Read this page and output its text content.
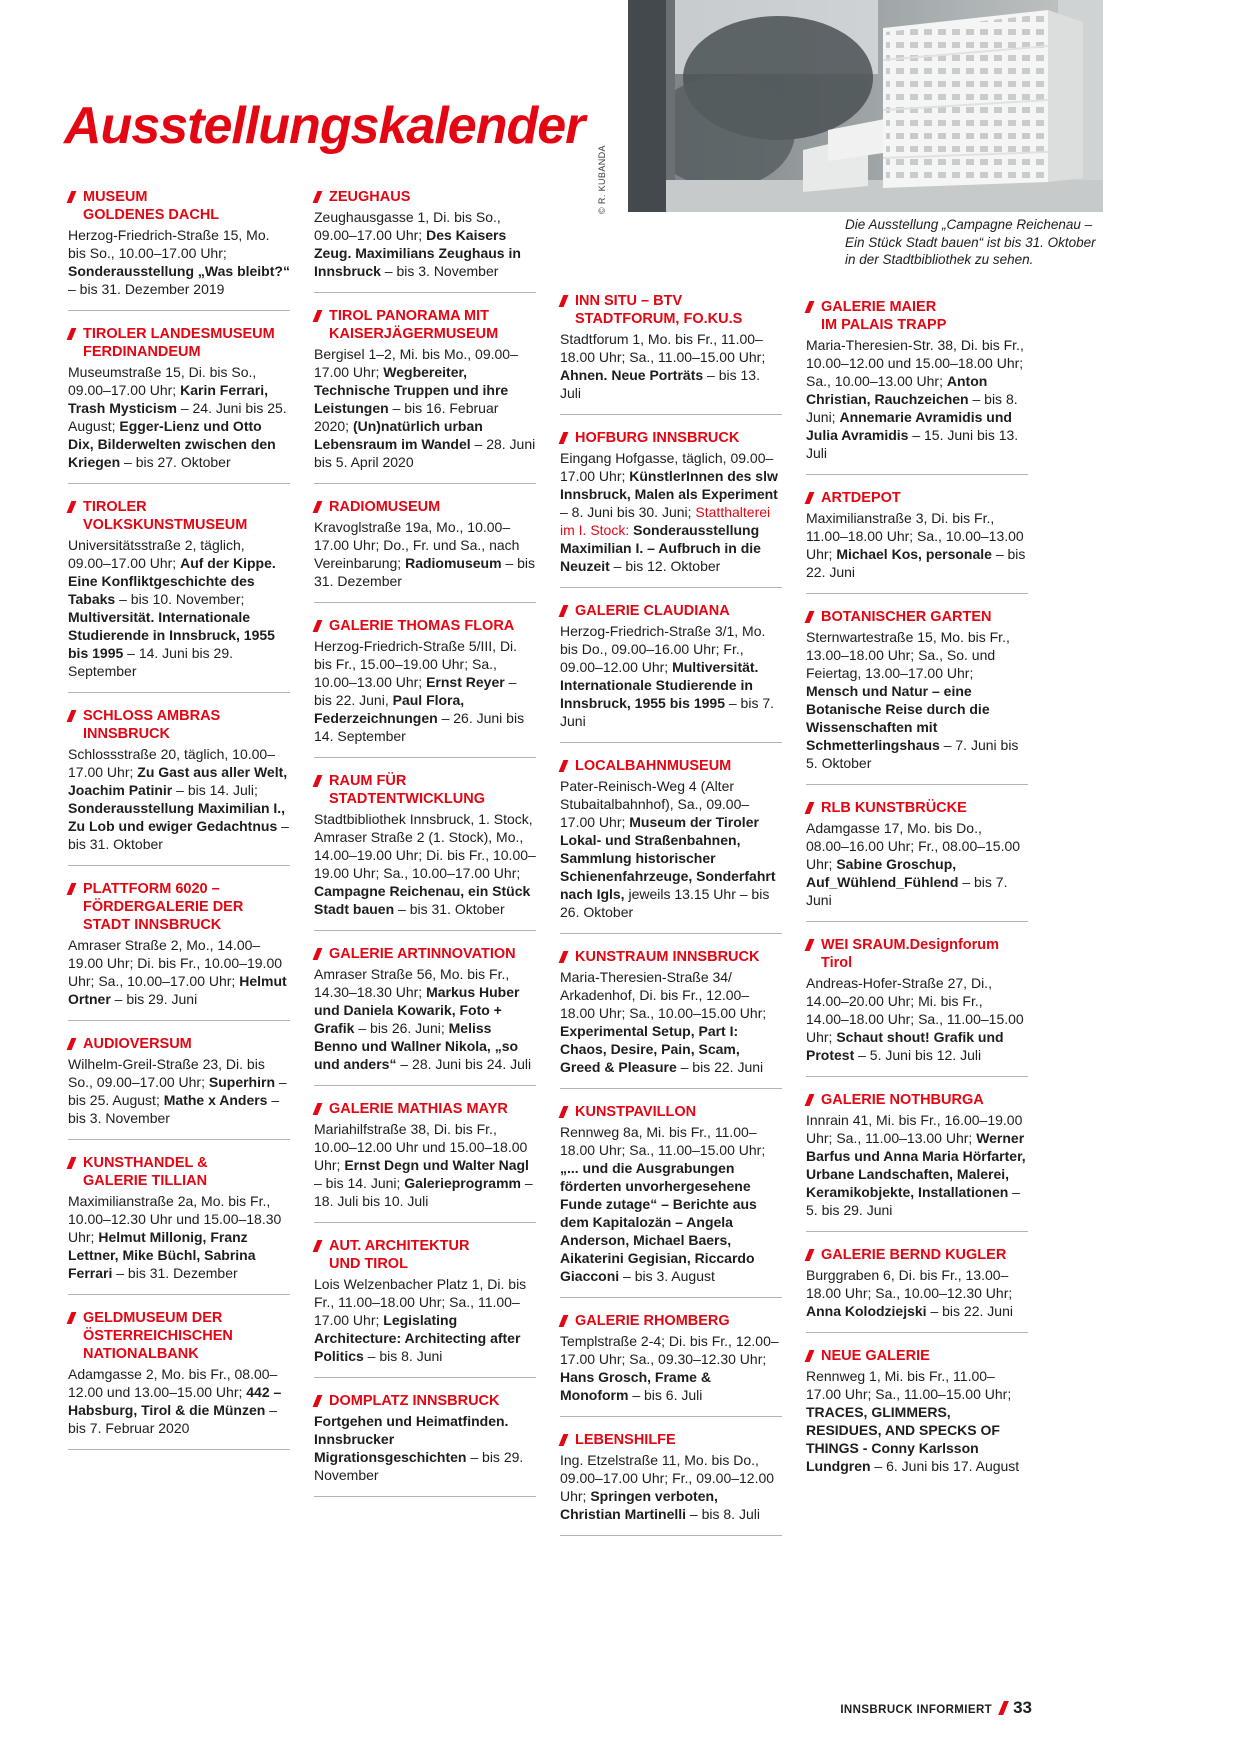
Ausstellungskalender
© R. KUBANDA
Die Ausstellung „Campagne Reichenau – Ein Stück Stadt bauen“ ist bis 31. Oktober in der Stadtbibliothek zu sehen.
MUSEUM
GOLDENES DACHL

Herzog-Friedrich-Straße 15, Mo. bis So., 10.00–17.00 Uhr; Sonderausstellung „Was bleibt?“ – bis 31. Dezember 2019

TIROLER LANDESMUSEUM
FERDINANDEUM

Museumstraße 15, Di. bis So., 09.00–17.00 Uhr; Karin Ferrari, Trash Mysticism – 24. Juni bis 25. August; Egger-Lienz und Otto Dix, Bilderwelten zwischen den Kriegen – bis 27. Oktober

TIROLER
VOLKSKUNSTMUSEUM

Universitätsstraße 2, täglich, 09.00–17.00 Uhr; Auf der Kippe. Eine Konfliktgeschichte des Tabaks – bis 10. November; Multiversität. Internationale Studierende in Innsbruck, 1955 bis 1995 – 14. Juni bis 29. September

SCHLOSS AMBRAS
INNSBRUCK

Schlossstraße 20, täglich, 10.00–17.00 Uhr; Zu Gast aus aller Welt, Joachim Patinir – bis 14. Juli; Sonderausstellung Maximilian I., Zu Lob und ewiger Gedachtnus – bis 31. Oktober

PLATTFORM 6020 –
FÖRDERGALERIE DER
STADT INNSBRUCK

Amraser Straße 2, Mo., 14.00–19.00 Uhr; Di. bis Fr., 10.00–19.00 Uhr; Sa., 10.00–17.00 Uhr; Helmut Ortner – bis 29. Juni

AUDIOVERSUM

Wilhelm-Greil-Straße 23, Di. bis So., 09.00–17.00 Uhr; Superhirn – bis 25. August; Mathe x Anders – bis 3. November

KUNSTHANDEL &
GALERIE TILLIAN

Maximilianstraße 2a, Mo. bis Fr., 10.00–12.30 Uhr und 15.00–18.30 Uhr; Helmut Millonig, Franz Lettner, Mike Büchl, Sabrina Ferrari – bis 31. Dezember

GELDMUSEUM DER
ÖSTERREICHISCHEN
NATIONALBANK

Adamgasse 2, Mo. bis Fr., 08.00–12.00 und 13.00–15.00 Uhr; 442 – Habsburg, Tirol & die Münzen – bis 7. Februar 2020

ZEUGHAUS

Zeughausgasse 1, Di. bis So., 09.00–17.00 Uhr; Des Kaisers Zeug. Maximilians Zeughaus in Innsbruck – bis 3. November

TIROL PANORAMA MIT
KAISERJÄGERMUSEUM

Bergisel 1–2, Mi. bis Mo., 09.00–17.00 Uhr; Wegbereiter, Technische Truppen und ihre Leistungen – bis 16. Februar 2020; (Un)natürlich urban Lebensraum im Wandel – 28. Juni bis 5. April 2020

RADIOMUSEUM

Kravoglstraße 19a, Mo., 10.00–17.00 Uhr; Do., Fr. und Sa., nach Vereinbarung; Radiomuseum – bis 31. Dezember

GALERIE THOMAS FLORA

Herzog-Friedrich-Straße 5/III, Di. bis Fr., 15.00–19.00 Uhr; Sa., 10.00–13.00 Uhr; Ernst Reyer – bis 22. Juni, Paul Flora, Federzeichnungen – 26. Juni bis 14. September

RAUM FÜR
STADTENTWICKLUNG

Stadtbibliothek Innsbruck, 1. Stock, Amraser Straße 2 (1. Stock), Mo., 14.00–19.00 Uhr; Di. bis Fr., 10.00–19.00 Uhr; Sa., 10.00–17.00 Uhr; Campagne Reichenau, ein Stück Stadt bauen – bis 31. Oktober

GALERIE ARTINNOVATION

Amraser Straße 56, Mo. bis Fr., 14.30–18.30 Uhr; Markus Huber und Daniela Kowarik, Foto + Grafik – bis 26. Juni; Meliss Benno und Wallner Nikola, „so und anders“ – 28. Juni bis 24. Juli

GALERIE MATHIAS MAYR

Mariahilfstraße 38, Di. bis Fr., 10.00–12.00 Uhr und 15.00–18.00 Uhr; Ernst Degn und Walter Nagl – bis 14. Juni; Galerieprogramm – 18. Juli bis 10. Juli

AUT. ARCHITEKTUR
UND TIROL

Lois Welzenbacher Platz 1, Di. bis Fr., 11.00–18.00 Uhr; Sa., 11.00–17.00 Uhr; Legislating Architecture: Architecting after Politics – bis 8. Juni

DOMPLATZ INNSBRUCK

Fortgehen und Heimatfinden. Innsbrucker Migrationsgeschichten – bis 29. November

INN SITU – BTV
STADTFORUM, FO.KU.S

Stadtforum 1, Mo. bis Fr., 11.00–18.00 Uhr; Sa., 11.00–15.00 Uhr; Ahnen. Neue Porträts – bis 13. Juli

HOFBURG INNSBRUCK

Eingang Hofgasse, täglich, 09.00–17.00 Uhr; KünstlerInnen des slw Innsbruck, Malen als Experiment – 8. Juni bis 30. Juni; Statthalterei im I. Stock: Sonderausstellung Maximilian I. – Aufbruch in die Neuzeit – bis 12. Oktober

GALERIE CLAUDIANA

Herzog-Friedrich-Straße 3/1, Mo. bis Do., 09.00–16.00 Uhr; Fr., 09.00–12.00 Uhr; Multiversität. Internationale Studierende in Innsbruck, 1955 bis 1995 – bis 7. Juni

LOCALBAHNMUSEUM

Pater-Reinisch-Weg 4 (Alter Stubaitalbahnhof), Sa., 09.00–17.00 Uhr; Museum der Tiroler Lokal- und Straßenbahnen, Sammlung historischer Schienenfahrzeuge, Sonderfahrt nach Igls, jeweils 13.15 Uhr – bis 26. Oktober

KUNSTRAUM INNSBRUCK

Maria-Theresien-Straße 34/ Arkadenhof, Di. bis Fr., 12.00–18.00 Uhr; Sa., 10.00–15.00 Uhr; Experimental Setup, Part I: Chaos, Desire, Pain, Scam, Greed & Pleasure – bis 22. Juni

KUNSTPAVILLON

Rennweg 8a, Mi. bis Fr., 11.00–18.00 Uhr; Sa., 11.00–15.00 Uhr; „... und die Ausgrabungen förderten unvorhergesehene Funde zutage“ – Berichte aus dem Kapitalozän – Angela Anderson, Michael Baers, Aikaterini Gegisian, Riccardo Giacconi – bis 3. August

GALERIE RHOMBERG

Templstraße 2-4; Di. bis Fr., 12.00–17.00 Uhr; Sa., 09.30–12.30 Uhr; Hans Grosch, Frame & Monoform – bis 6. Juli

LEBENSHILFE

Ing. Etzelstraße 11, Mo. bis Do., 09.00–17.00 Uhr; Fr., 09.00–12.00 Uhr; Springen verboten, Christian Martinelli – bis 8. Juli

GALERIE MAIER
IM PALAIS TRAPP

Maria-Theresien-Str. 38, Di. bis Fr., 10.00–12.00 und 15.00–18.00 Uhr; Sa., 10.00–13.00 Uhr; Anton Christian, Rauchzeichen – bis 8. Juni; Annemarie Avramidis und Julia Avramidis – 15. Juni bis 13. Juli

ARTDEPOT

Maximilianstraße 3, Di. bis Fr., 11.00–18.00 Uhr; Sa., 10.00–13.00 Uhr; Michael Kos, personale – bis 22. Juni

BOTANISCHER GARTEN

Sternwartestraße 15, Mo. bis Fr., 13.00–18.00 Uhr; Sa., So. und Feiertag, 13.00–17.00 Uhr; Mensch und Natur – eine Botanische Reise durch die Wissenschaften mit Schmetterlingshaus – 7. Juni bis 5. Oktober

RLB KUNSTBRÜCKE

Adamgasse 17, Mo. bis Do., 08.00–16.00 Uhr; Fr., 08.00–15.00 Uhr; Sabine Groschup, Auf_Wühlend_Fühlend – bis 7. Juni

WEI SRAUM.Designforum
Tirol

Andreas-Hofer-Straße 27, Di., 14.00–20.00 Uhr; Mi. bis Fr., 14.00–18.00 Uhr; Sa., 11.00–15.00 Uhr; Schaut shout! Grafik und Protest – 5. Juni bis 12. Juli

GALERIE NOTHBURGA

Innrain 41, Mi. bis Fr., 16.00–19.00 Uhr; Sa., 11.00–13.00 Uhr; Werner Barfus und Anna Maria Hörfarter, Urbane Landschaften, Malerei, Keramikobjekte, Installationen – 5. bis 29. Juni

GALERIE BERND KUGLER

Burggraben 6, Di. bis Fr., 13.00–18.00 Uhr; Sa., 10.00–12.30 Uhr; Anna Kolodziejski – bis 22. Juni

NEUE GALERIE

Rennweg 1, Mi. bis Fr., 11.00–17.00 Uhr; Sa., 11.00–15.00 Uhr; TRACES, GLIMMERS, RESIDUES, AND SPECKS OF THINGS - Conny Karlsson Lundgren – 6. Juni bis 17. August

INNSBRUCK INFORMIERT 33
